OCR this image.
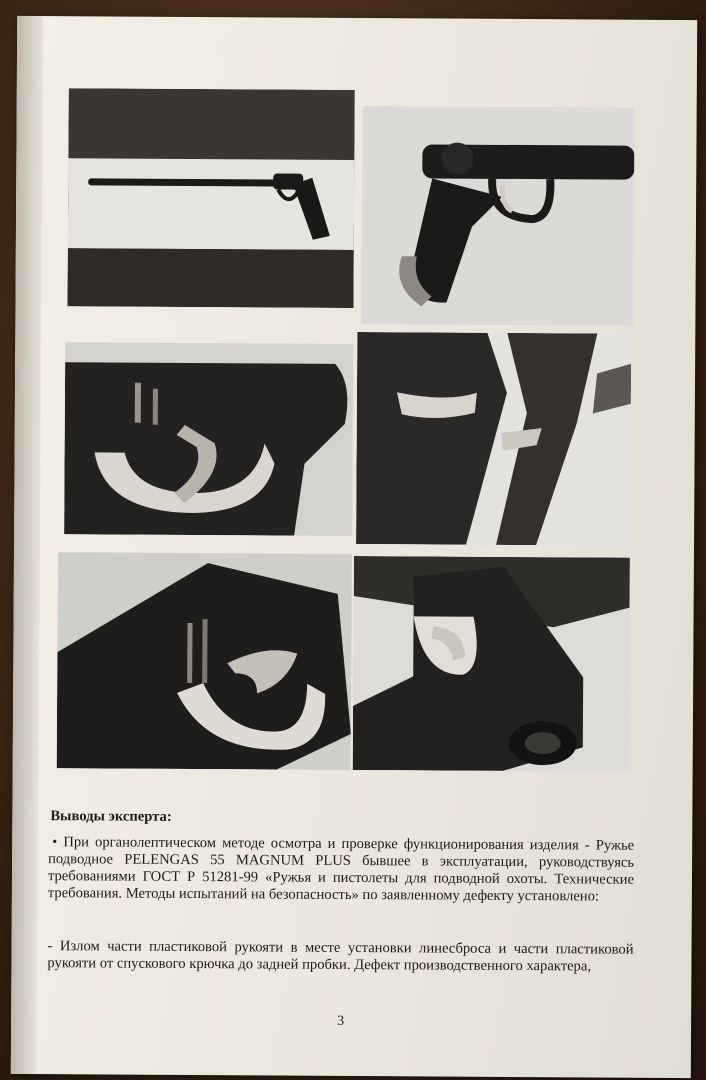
Выводы эксперта:
• При органолептическом методе осмотра и проверке функционирования изделия - Ружье подводное PELENGAS 55 MAGNUM PLUS бывшее в эксплуатации, руководствуясь требованиями ГОСТ Р 51281-99 «Ружья и пистолеты для подводной охоты. Технические требования. Методы испытаний на безопасность» по заявленному дефекту установлено:
- Излом части пластиковой рукояти в месте установки линесброса и части пластиковой рукояти от спускового крючка до задней пробки. Дефект производственного характера,
3
